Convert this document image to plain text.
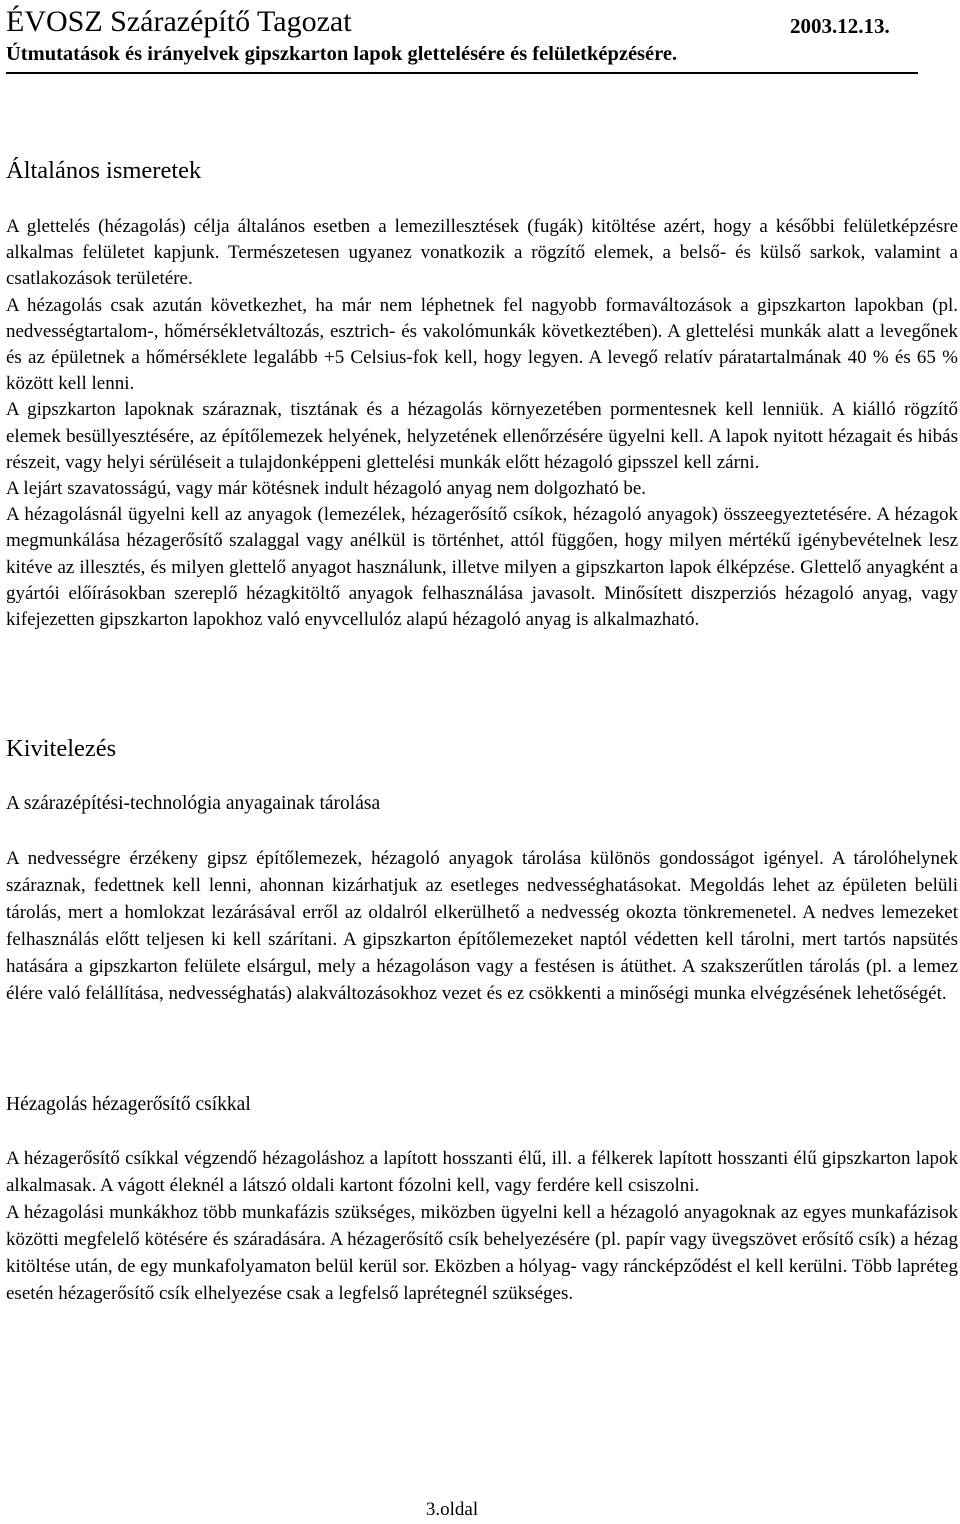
ÉVOSZ Szárazépítő Tagozat	2003.12.13.
Útmutatások és irányelvek gipszkarton lapok glettelésére és felületképzésére.
Általános ismeretek

A glettelés (hézagolás) célja általános esetben a lemezillesztések (fugák) kitöltése azért, hogy a későbbi felületképzésre alkalmas felületet kapjunk. Természetesen ugyanez vonatkozik a rögzítő elemek, a belső- és külső sarkok, valamint a csatlakozások területére.

A hézagolás csak azután következhet, ha már nem léphetnek fel nagyobb formaváltozások a gipszkarton lapokban (pl. nedvességtartalom-, hőmérsékletváltozás, esztrich- és vakolómunkák következtében). A glettelési munkák alatt a levegőnek és az épületnek a hőmérséklete legalább +5 Celsius-fok kell, hogy legyen. A levegő relatív páratartalmának 40 % és 65 % között kell lenni.

A gipszkarton lapoknak száraznak, tisztának és a hézagolás környezetében pormentesnek kell lenniük. A kiálló rögzítő elemek besüllyesztésére, az építőlemezek helyének, helyzetének ellenőrzésére ügyelni kell. A lapok nyitott hézagait és hibás részeit, vagy helyi sérüléseit a tulajdonképpeni glettelési munkák előtt hézagoló gipsszel kell zárni.

A lejárt szavatosságú, vagy már kötésnek indult hézagoló anyag nem dolgozható be.

A hézagolásnál ügyelni kell az anyagok (lemezélek, hézagerősítő csíkok, hézagoló anyagok) összeegyeztetésére. A hézagok megmunkálása hézagerősítő szalaggal vagy anélkül is történhet, attól függően, hogy milyen mértékű igénybevételnek lesz kitéve az illesztés, és milyen glettelő anyagot használunk, illetve milyen a gipszkarton lapok élképzése. Glettelő anyagként a gyártói előírásokban szereplő hézagkitöltő anyagok felhasználása javasolt. Minősített diszperziós hézagoló anyag, vagy kifejezetten gipszkarton lapokhoz való enyvcellulóz alapú hézagoló anyag is alkalmazható.

Kivitelezés
A szárazépítési-technológia anyagainak tárolása

A nedvességre érzékeny gipsz építőlemezek, hézagoló anyagok tárolása különös gondosságot igényel. A tárolóhelynek száraznak, fedettnek kell lenni, ahonnan kizárhatjuk az esetleges nedvességhatásokat. Megoldás lehet az épületen belüli tárolás, mert a homlokzat lezárásával erről az oldalról elkerülhető a nedvesség okozta tönkremenetel. A nedves lemezeket felhasználás előtt teljesen ki kell szárítani. A gipszkarton építőlemezeket naptól védetten kell tárolni, mert tartós napsütés hatására a gipszkarton felülete elsárgul, mely a hézagoláson vagy a festésen is átüthet. A szakszerűtlen tárolás (pl. a lemez élére való felállítása, nedvességhatás) alakváltozásokhoz vezet és ez csökkenti a minőségi munka elvégzésének lehetőségét.

Hézagolás hézagerősítő csíkkal

A hézagerősítő csíkkal végzendő hézagoláshoz a lapított hosszanti élű, ill. a félkerek lapított hosszanti élű gipszkarton lapok alkalmasak. A vágott éleknél a látszó oldali kartont fózolni kell, vagy ferdére kell csiszolni.

A hézagolási munkákhoz több munkafázis szükséges, miközben ügyelni kell a hézagoló anyagoknak az egyes munkafázisok közötti megfelelő kötésére és száradására. A hézagerősítő csík behelyezésére (pl. papír vagy üvegszövet erősítő csík) a hézag kitöltése után, de egy munkafolyamaton belül kerül sor. Eközben a hólyag- vagy ráncképződést el kell kerülni. Több lapréteg esetén hézagerősítő csík elhelyezése csak a legfelső laprétegnél szükséges.

3.oldal
